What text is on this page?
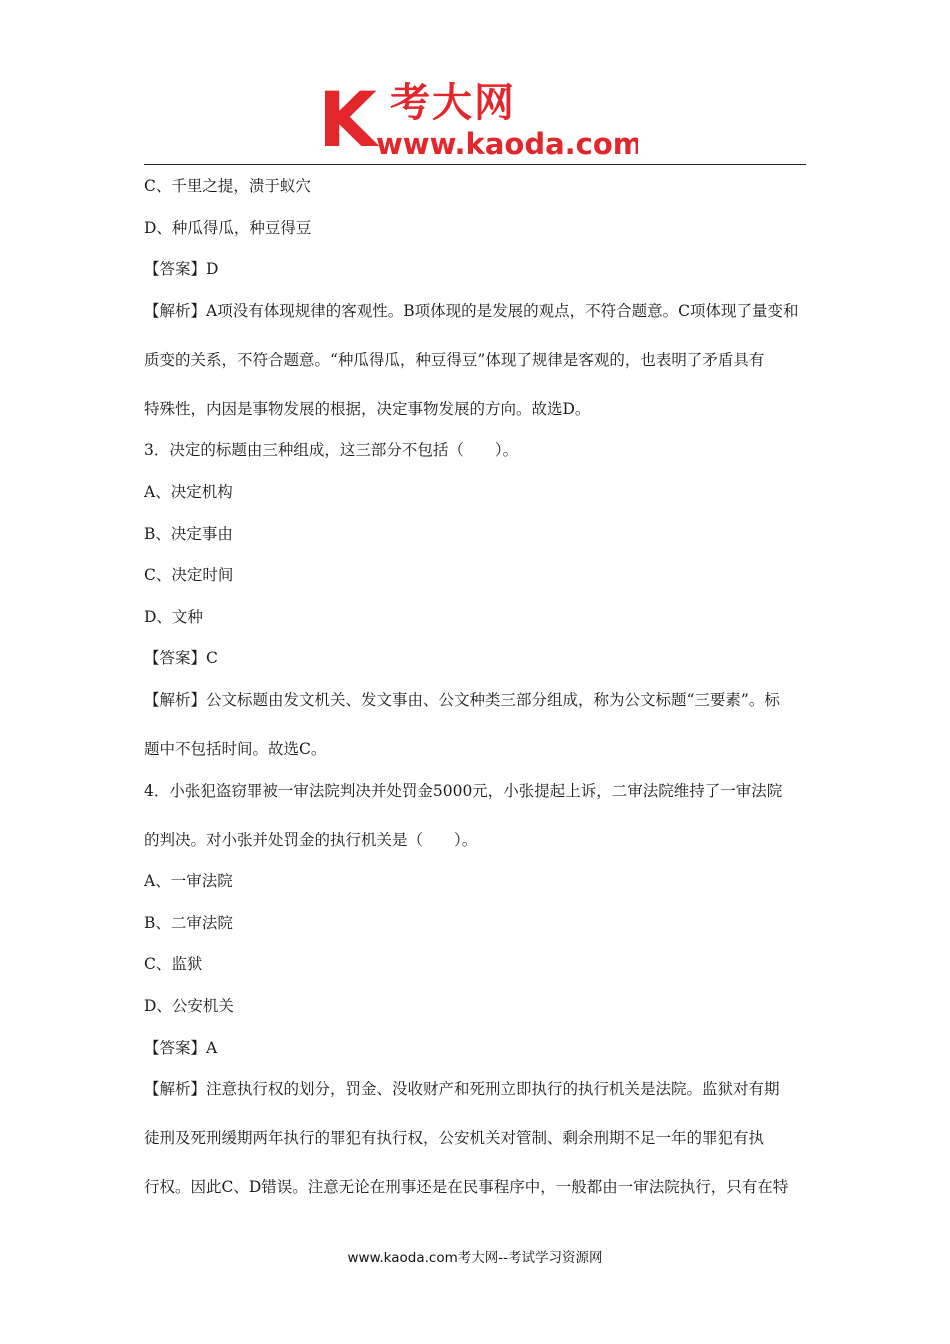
K 考大网
www.kaoda.com
C、千里之提，溃于蚁穴
D、种瓜得瓜，种豆得豆
【答案】D
【解析】A项没有体现规律的客观性。B项体现的是发展的观点，不符合题意。C项体现了量变和
质变的关系，不符合题意。“种瓜得瓜，种豆得豆”体现了规律是客观的，也表明了矛盾具有
特殊性，内因是事物发展的根据，决定事物发展的方向。故选D。
3．决定的标题由三种组成，这三部分不包括（　　）。
A、决定机构
B、决定事由
C、决定时间
D、文种
【答案】C
【解析】公文标题由发文机关、发文事由、公文种类三部分组成，称为公文标题“三要素”。标
题中不包括时间。故选C。
4．小张犯盗窃罪被一审法院判决并处罚金5000元，小张提起上诉，二审法院维持了一审法院
的判决。对小张并处罚金的执行机关是（　　）。
A、一审法院
B、二审法院
C、监狱
D、公安机关
【答案】A
【解析】注意执行权的划分，罚金、没收财产和死刑立即执行的执行机关是法院。监狱对有期
徒刑及死刑缓期两年执行的罪犯有执行权，公安机关对管制、剩余刑期不足一年的罪犯有执
行权。因此C、D错误。注意无论在刑事还是在民事程序中，一般都由一审法院执行，只有在特
www.kaoda.com考大网--考试学习资源网
